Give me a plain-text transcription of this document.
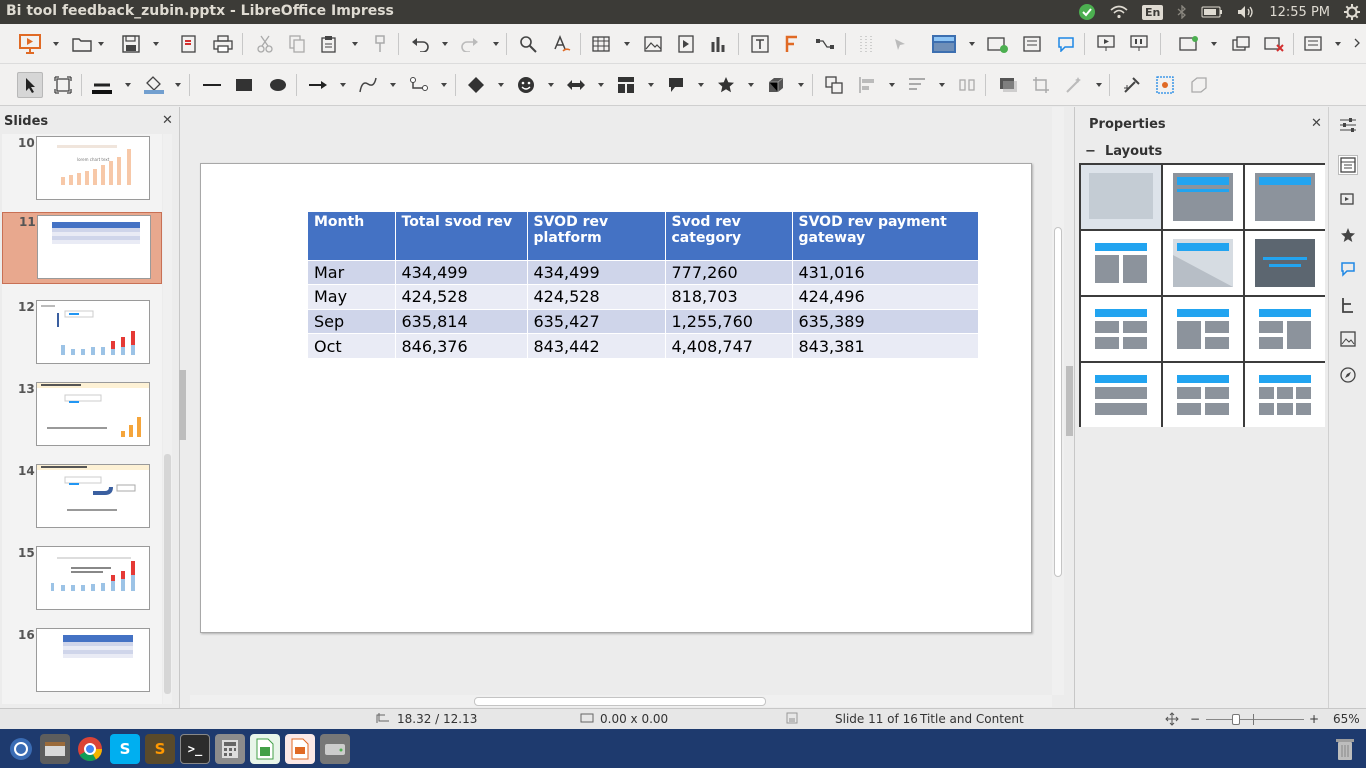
Bi tool feedback_zubin.pptx - LibreOffice Impress	En	12:55 PM
Slides	✕
10
lorem chart text
11
12
13
14
15
16
Month	Total svod rev	SVOD rev platform	Svod rev category	SVOD rev payment gateway
Mar	434,499	434,499	777,260	431,016
May	424,528	424,528	818,703	424,496
Sep	635,814	635,427	1,255,760	635,389
Oct	846,376	843,442	4,408,747	843,381
Properties	✕
−  Layouts
18.32 / 12.13	0.00 x 0.00	Slide 11 of 16 Title and Content	−	+ 65%
S	S	>_
